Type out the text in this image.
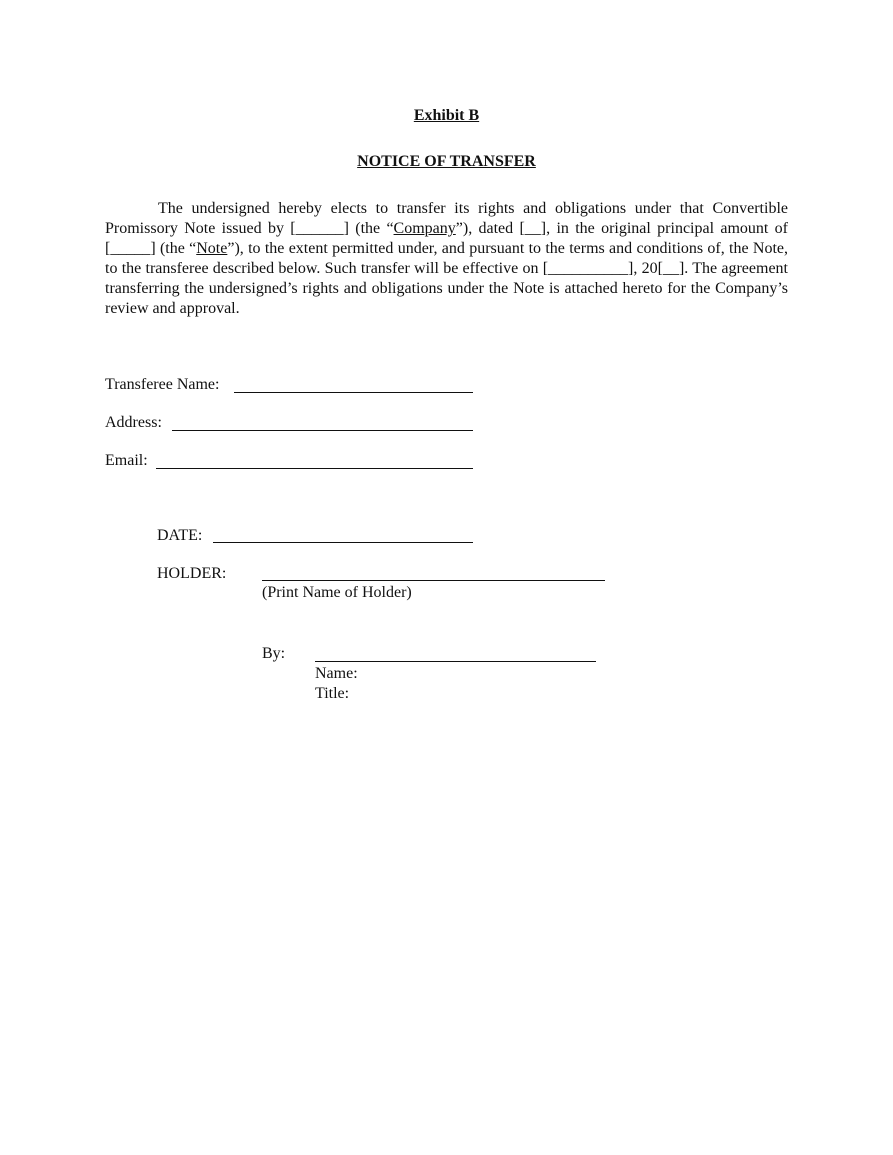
Exhibit B
NOTICE OF TRANSFER

The undersigned hereby elects to transfer its rights and obligations under that Convertible Promissory Note issued by [______] (the “Company”), dated [__], in the original principal amount of [_____] (the “Note”), to the extent permitted under, and pursuant to the terms and conditions of, the Note, to the transferee described below. Such transfer will be effective on [__________], 20[__]. The agreement transferring the undersigned’s rights and obligations under the Note is attached hereto for the Company’s review and approval.

Transferee Name:
Address:
Email:
DATE:
HOLDER:
(Print Name of Holder)
By:
Name:
Title:
